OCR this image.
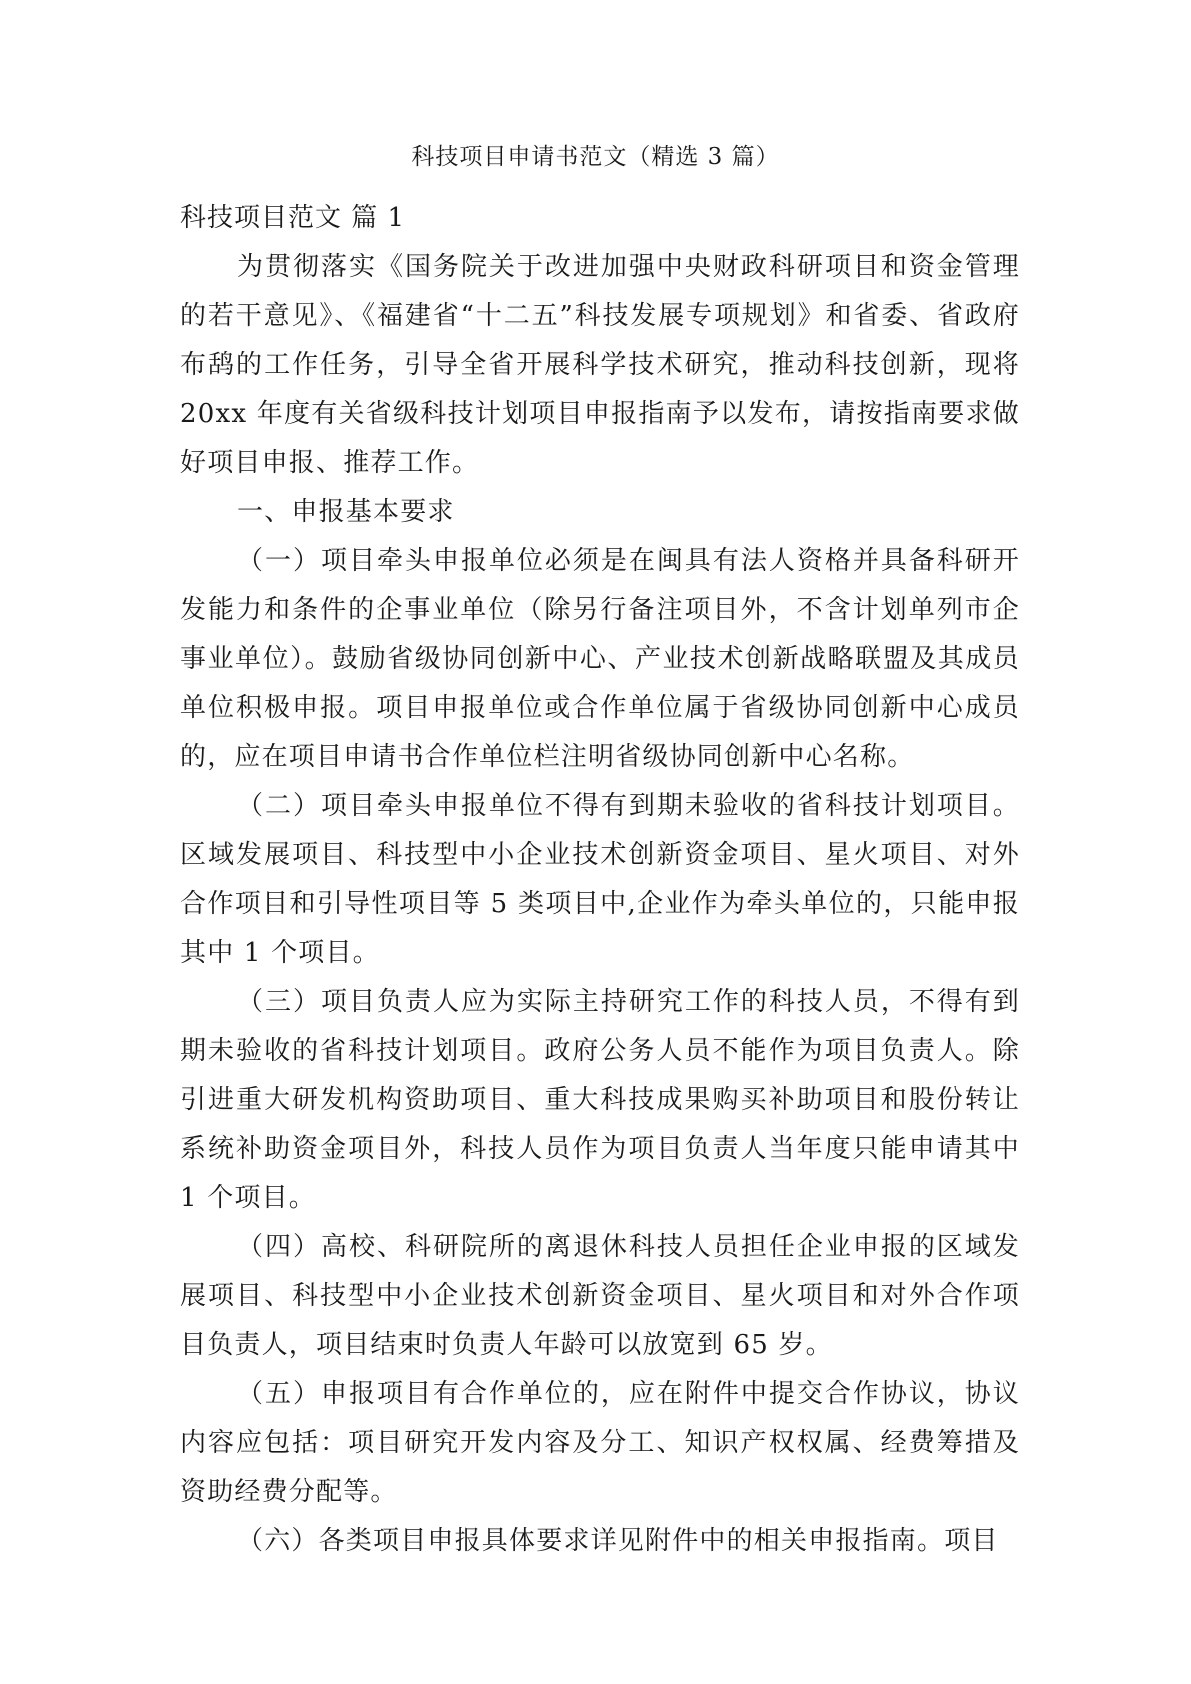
科技项目申请书范文（精选 3 篇）
科技项目范文 篇 1

为贯彻落实《国务院关于改进加强中央财政科研项目和资金管理的若干意见》、《福建省“十二五”科技发展专项规划》和省委、省政府布鸹的工作任务，引导全省开展科学技术研究，推动科技创新，现将 20xx 年度有关省级科技计划项目申报指南予以发布，请按指南要求做好项目申报、推荐工作。

一、申报基本要求

（一）项目牵头申报单位必须是在闽具有法人资格并具备科研开发能力和条件的企事业单位（除另行备注项目外，不含计划单列市企事业单位）。鼓励省级协同创新中心、产业技术创新战略联盟及其成员单位积极申报。项目申报单位或合作单位属于省级协同创新中心成员的，应在项目申请书合作单位栏注明省级协同创新中心名称。

（二）项目牵头申报单位不得有到期未验收的省科技计划项目。区域发展项目、科技型中小企业技术创新资金项目、星火项目、对外合作项目和引导性项目等 5 类项目中,企业作为牵头单位的，只能申报其中 1 个项目。

（三）项目负责人应为实际主持研究工作的科技人员，不得有到期未验收的省科技计划项目。政府公务人员不能作为项目负责人。除引进重大研发机构资助项目、重大科技成果购买补助项目和股份转让系统补助资金项目外，科技人员作为项目负责人当年度只能申请其中 1 个项目。

（四）高校、科研院所的离退休科技人员担任企业申报的区域发展项目、科技型中小企业技术创新资金项目、星火项目和对外合作项目负责人，项目结束时负责人年龄可以放宽到 65 岁。

（五）申报项目有合作单位的，应在附件中提交合作协议，协议内容应包括：项目研究开发内容及分工、知识产权权属、经费筹措及资助经费分配等。

（六）各类项目申报具体要求详见附件中的相关申报指南。项目
